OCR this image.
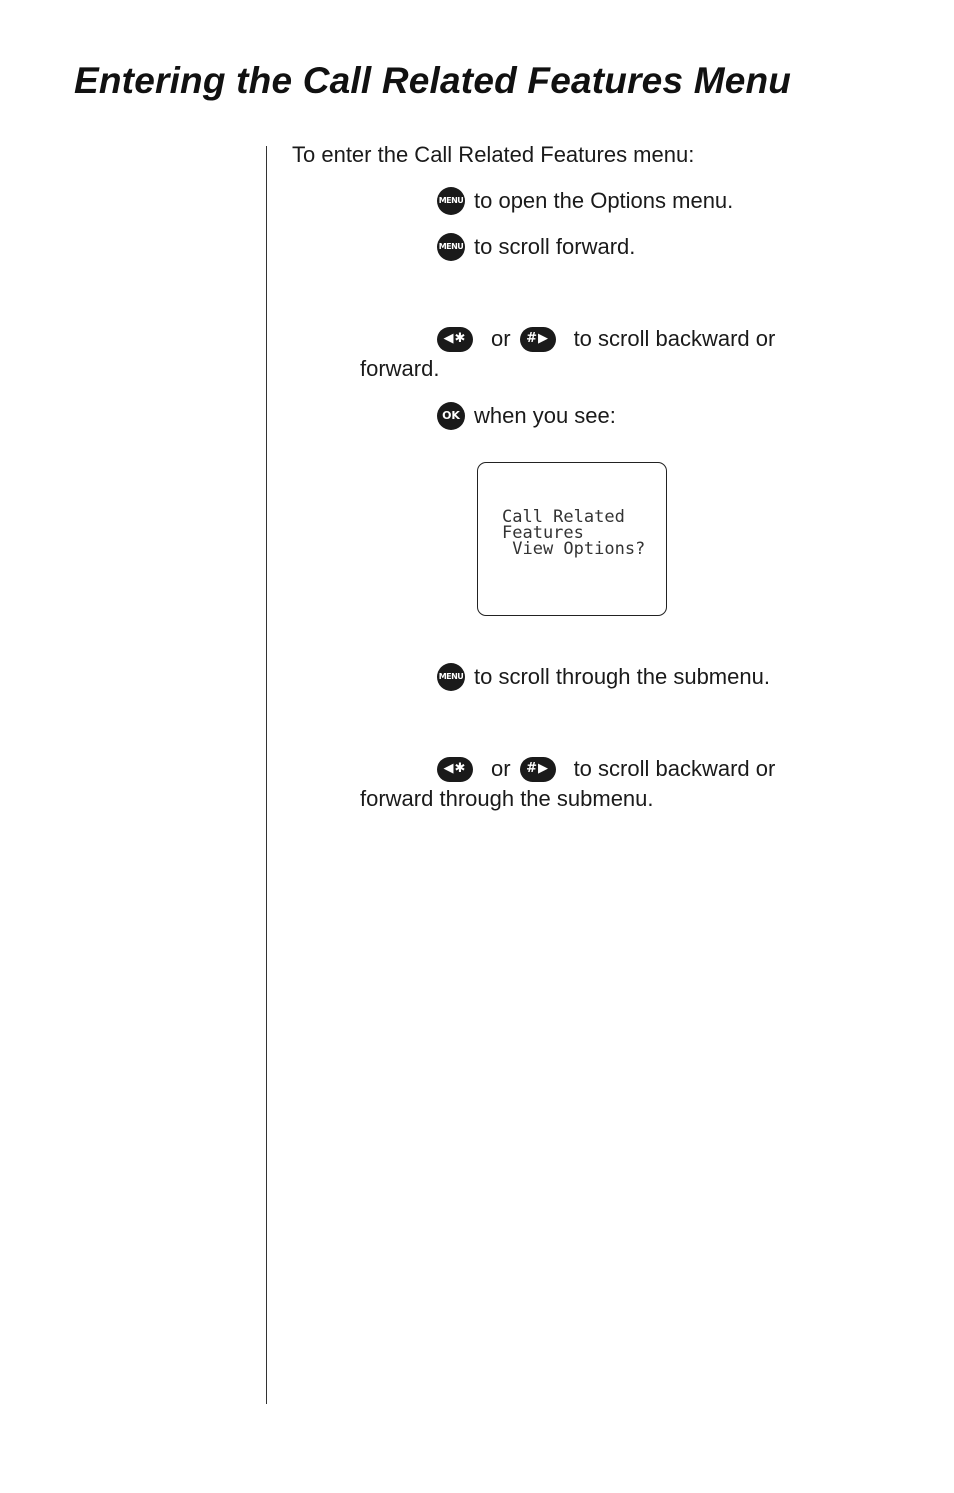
Entering the Call Related Features Menu
To enter the Call Related Features menu:
MENU to open the Options menu.
MENU to scroll forward.
◀✱ or	#▶ to scroll backward or
forward.
OK when you see:
Call Related
Features
View Options?
MENU to scroll through the submenu.
◀✱ or	#▶ to scroll backward or
forward through the submenu.
